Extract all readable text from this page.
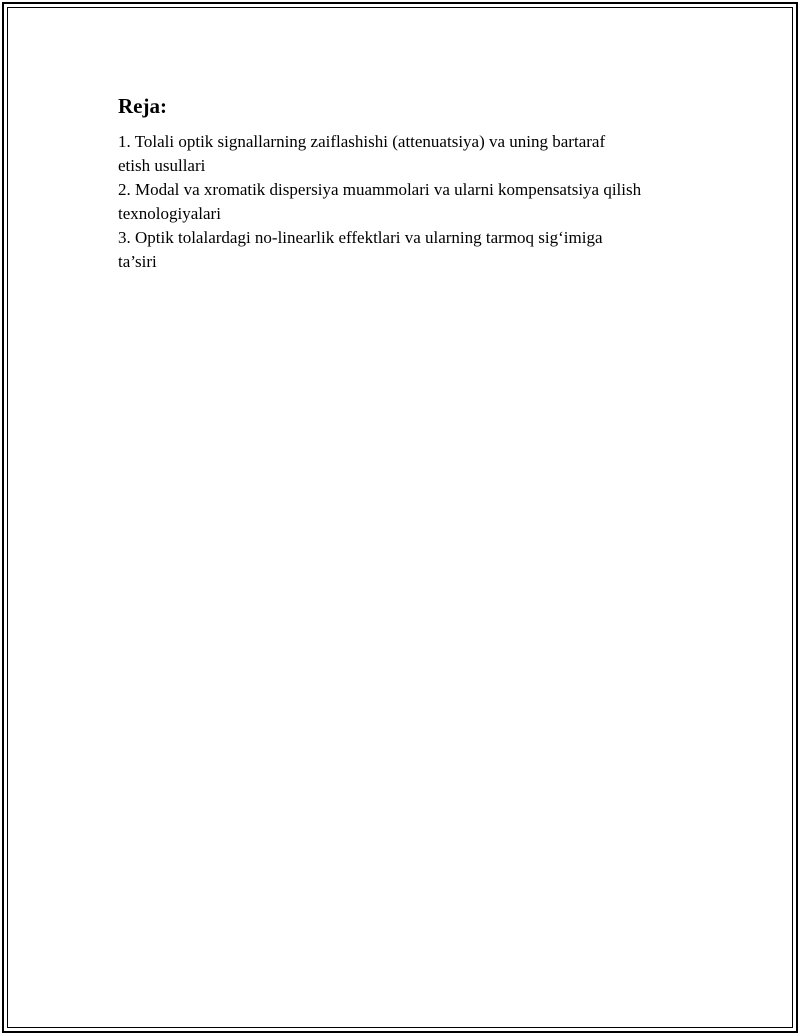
Reja:
1. Tolali optik signallarning zaiflashishi (attenuatsiya) va uning bartaraf
etish usullari
2. Modal va xromatik dispersiya muammolari va ularni kompensatsiya qilish
texnologiyalari
3. Optik tolalardagi no-linearlik effektlari va ularning tarmoq sig‘imiga
ta’siri
